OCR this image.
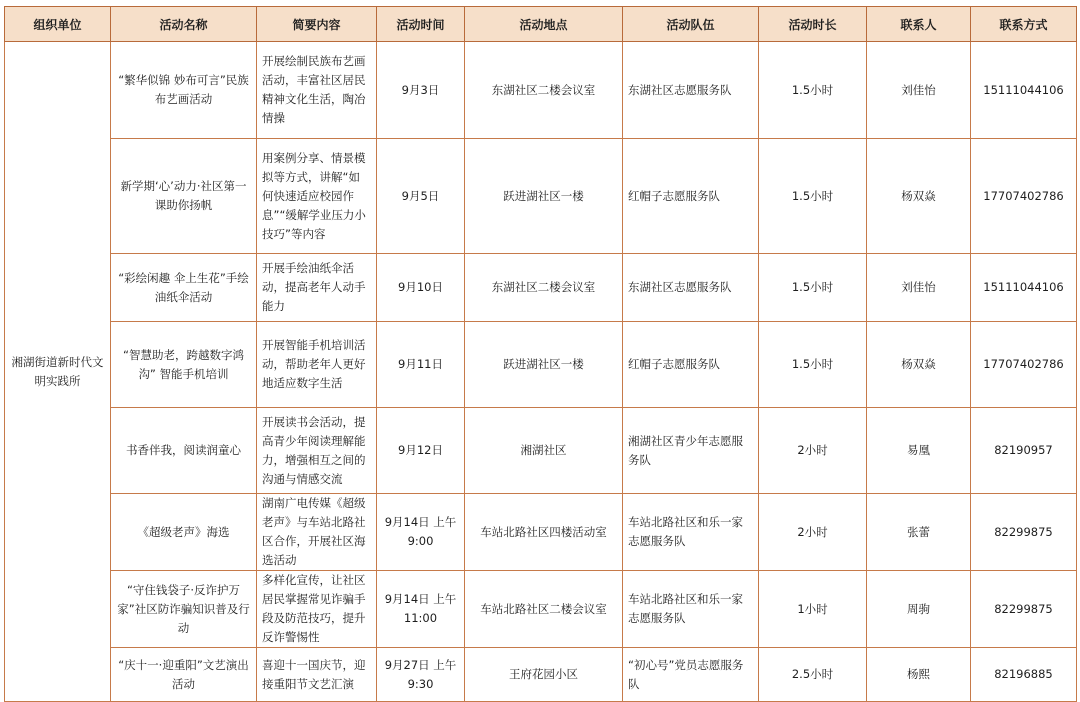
组织单位	活动名称	简要内容	活动时间	活动地点	活动队伍	活动时长	联系人	联系方式
湘湖街道新时代文明实践所	“繁华似锦 妙布可言”民族布艺画活动	开展绘制民族布艺画活动，丰富社区居民精神文化生活，陶冶情操	9月3日	东湖社区二楼会议室	东湖社区志愿服务队	1.5小时	刘佳怡	15111044106
	新学期‘心’动力·社区第一课助你扬帆	用案例分享、情景模拟等方式，讲解“如何快速适应校园作息”“缓解学业压力小技巧”等内容	9月5日	跃进湖社区一楼	红帽子志愿服务队	1.5小时	杨双焱	17707402786
	“彩绘闲趣 伞上生花”手绘油纸伞活动	开展手绘油纸伞活动，提高老年人动手能力	9月10日	东湖社区二楼会议室	东湖社区志愿服务队	1.5小时	刘佳怡	15111044106
	“智慧助老，跨越数字鸿沟” 智能手机培训	开展智能手机培训活动，帮助老年人更好地适应数字生活	9月11日	跃进湖社区一楼	红帽子志愿服务队	1.5小时	杨双焱	17707402786
	书香伴我，阅读润童心	开展读书会活动，提高青少年阅读理解能力，增强相互之间的沟通与情感交流	9月12日	湘湖社区	湘湖社区青少年志愿服务队	2小时	易凰	82190957
	《超级老声》海选	湖南广电传媒《超级老声》与车站北路社区合作，开展社区海选活动	9月14日 上午9:00	车站北路社区四楼活动室	车站北路社区和乐一家志愿服务队	2小时	张蕾	82299875
	“守住钱袋子·反诈护万家”社区防诈骗知识普及行动	多样化宣传，让社区居民掌握常见诈骗手段及防范技巧，提升反诈警惕性	9月14日 上午11:00	车站北路社区二楼会议室	车站北路社区和乐一家志愿服务队	1小时	周驹	82299875
	“庆十一·迎重阳”文艺演出活动	喜迎十一国庆节，迎接重阳节文艺汇演	9月27日 上午9:30	王府花园小区	“初心号”党员志愿服务队	2.5小时	杨熙	82196885
